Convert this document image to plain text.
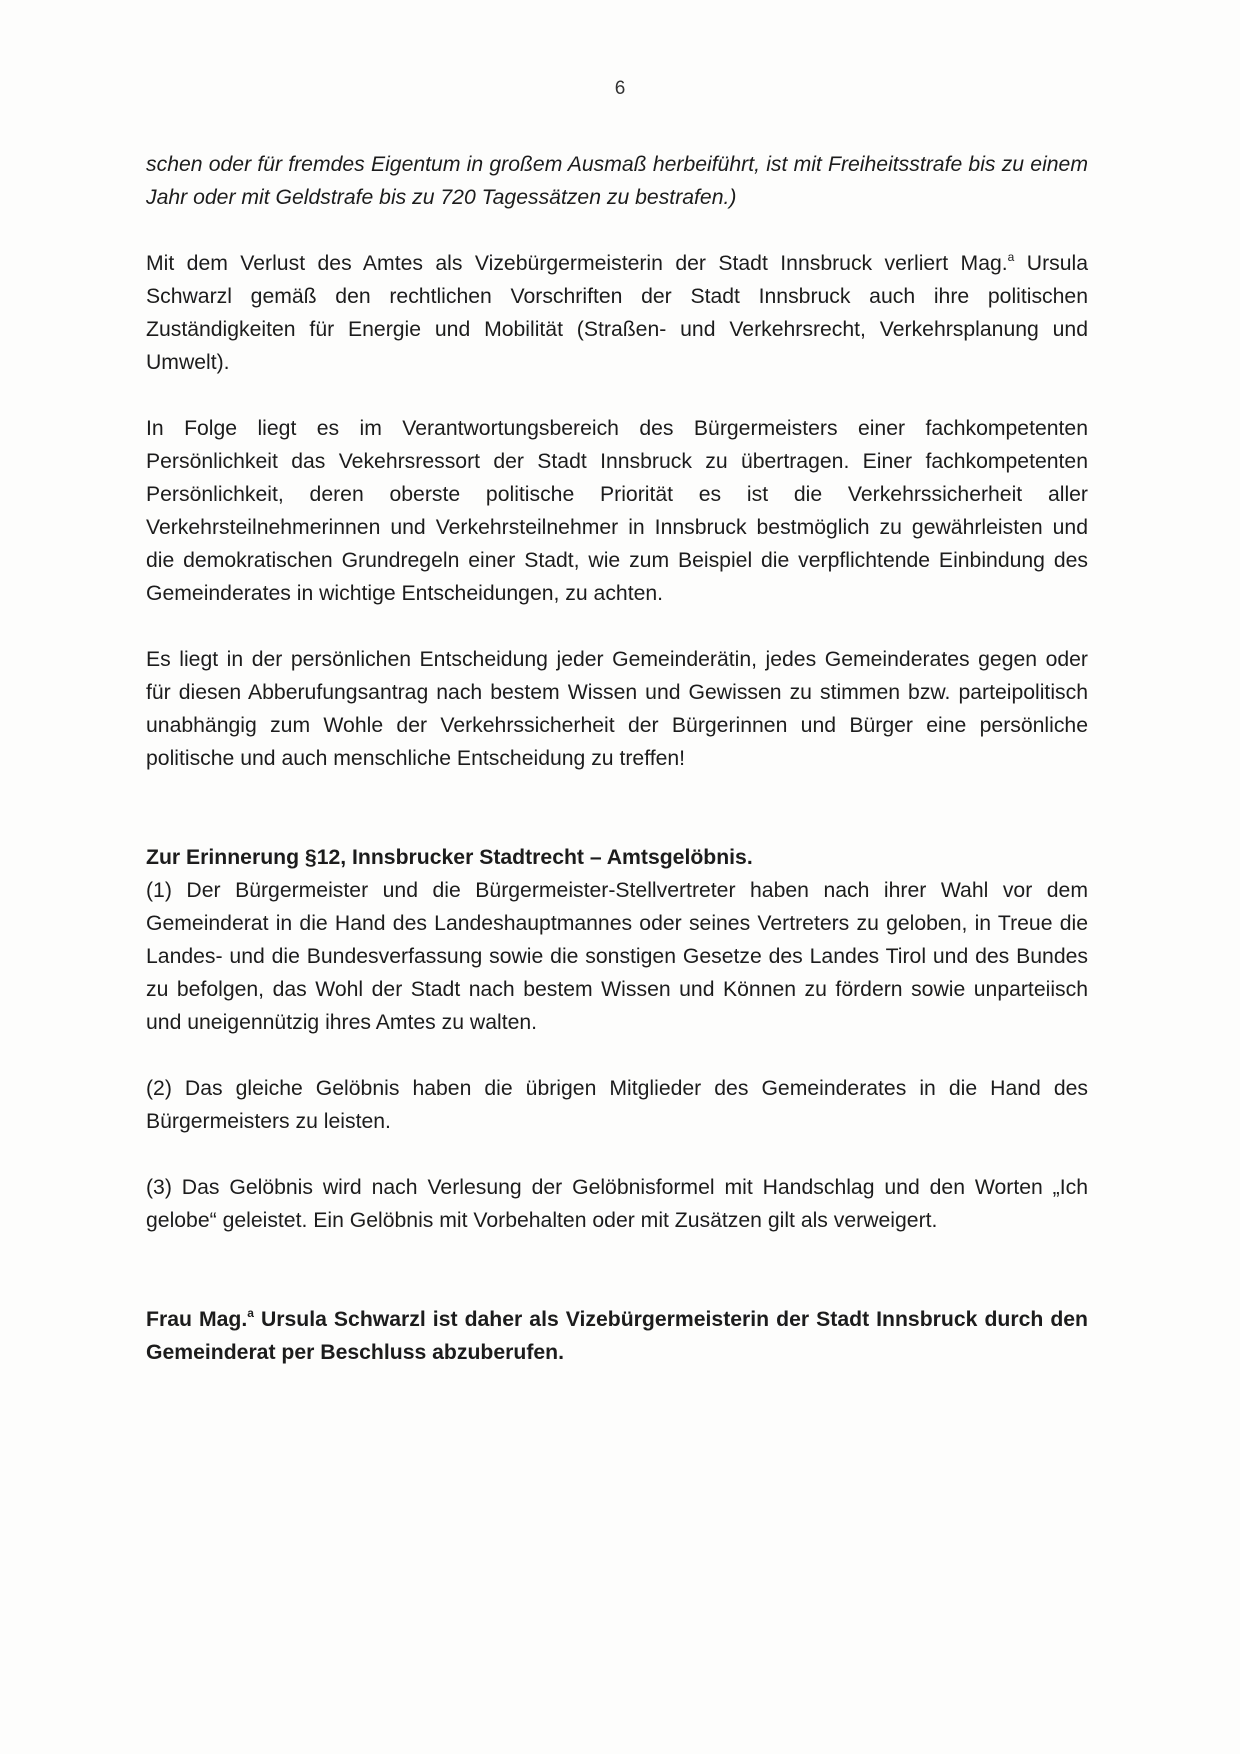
6

schen oder für fremdes Eigentum in großem Ausmaß herbeiführt, ist mit Freiheitsstrafe bis zu einem Jahr oder mit Geldstrafe bis zu 720 Tagessätzen zu bestrafen.)

Mit dem Verlust des Amtes als Vizebürgermeisterin der Stadt Innsbruck verliert Mag.$^a$ Ursula Schwarzl gemäß den rechtlichen Vorschriften der Stadt Innsbruck auch ihre politischen Zuständigkeiten für Energie und Mobilität (Straßen- und Verkehrsrecht, Verkehrsplanung und Umwelt).

In Folge liegt es im Verantwortungsbereich des Bürgermeisters einer fachkompetenten Persönlichkeit das Vekehrsressort der Stadt Innsbruck zu übertragen. Einer fachkompetenten Persönlichkeit, deren oberste politische Priorität es ist die Verkehrssicherheit aller Verkehrsteilnehmerinnen und Verkehrsteilnehmer in Innsbruck bestmöglich zu gewährleisten und die demokratischen Grundregeln einer Stadt, wie zum Beispiel die verpflichtende Einbindung des Gemeinderates in wichtige Entscheidungen, zu achten.

Es liegt in der persönlichen Entscheidung jeder Gemeinderätin, jedes Gemeinderates gegen oder für diesen Abberufungsantrag nach bestem Wissen und Gewissen zu stimmen bzw. parteipolitisch unabhängig zum Wohle der Verkehrssicherheit der Bürgerinnen und Bürger eine persönliche politische und auch menschliche Entscheidung zu treffen!

Zur Erinnerung §12, Innsbrucker Stadtrecht – Amtsgelöbnis.

(1) Der Bürgermeister und die Bürgermeister-Stellvertreter haben nach ihrer Wahl vor dem Gemeinderat in die Hand des Landeshauptmannes oder seines Vertreters zu geloben, in Treue die Landes- und die Bundesverfassung sowie die sonstigen Gesetze des Landes Tirol und des Bundes zu befolgen, das Wohl der Stadt nach bestem Wissen und Können zu fördern sowie unparteiisch und uneigennützig ihres Amtes zu walten.

(2) Das gleiche Gelöbnis haben die übrigen Mitglieder des Gemeinderates in die Hand des Bürgermeisters zu leisten.

(3) Das Gelöbnis wird nach Verlesung der Gelöbnisformel mit Handschlag und den Worten „Ich gelobe“ geleistet. Ein Gelöbnis mit Vorbehalten oder mit Zusätzen gilt als verweigert.

Frau Mag.$^a$ Ursula Schwarzl ist daher als Vizebürgermeisterin der Stadt Innsbruck durch den Gemeinderat per Beschluss abzuberufen.
